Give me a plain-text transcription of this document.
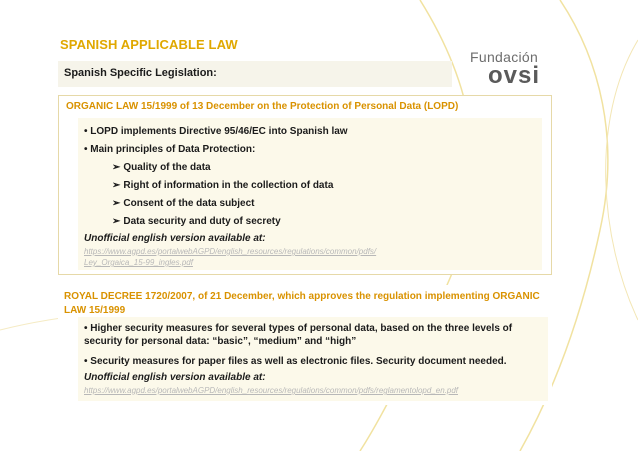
SPANISH APPLICABLE LAW
Spanish Specific Legislation:
Fundación
ovsi
ORGANIC LAW 15/1999 of 13 December on the Protection of Personal Data (LOPD)
• LOPD implements Directive 95/46/EC into Spanish law
• Main principles of Data Protection:
➢ Quality of the data
➢ Right of information in the collection of data
➢ Consent of the data subject
➢ Data security and duty of secrety
Unofficial english version available at:
https://www.agpd.es/portalwebAGPD/english_resources/regulations/common/pdfs/
Ley_Orgaica_15-99_ingles.pdf
ROYAL DECREE 1720/2007, of 21 December, which approves the regulation implementing ORGANIC LAW 15/1999
• Higher security measures for several types of personal data, based on the three levels of security for personal data: “basic”, “medium” and “high”
• Security measures for paper files as well as electronic files. Security document needed.
Unofficial english version available at:
https://www.agpd.es/portalwebAGPD/english_resources/regulations/common/pdfs/reglamentolopd_en.pdf
